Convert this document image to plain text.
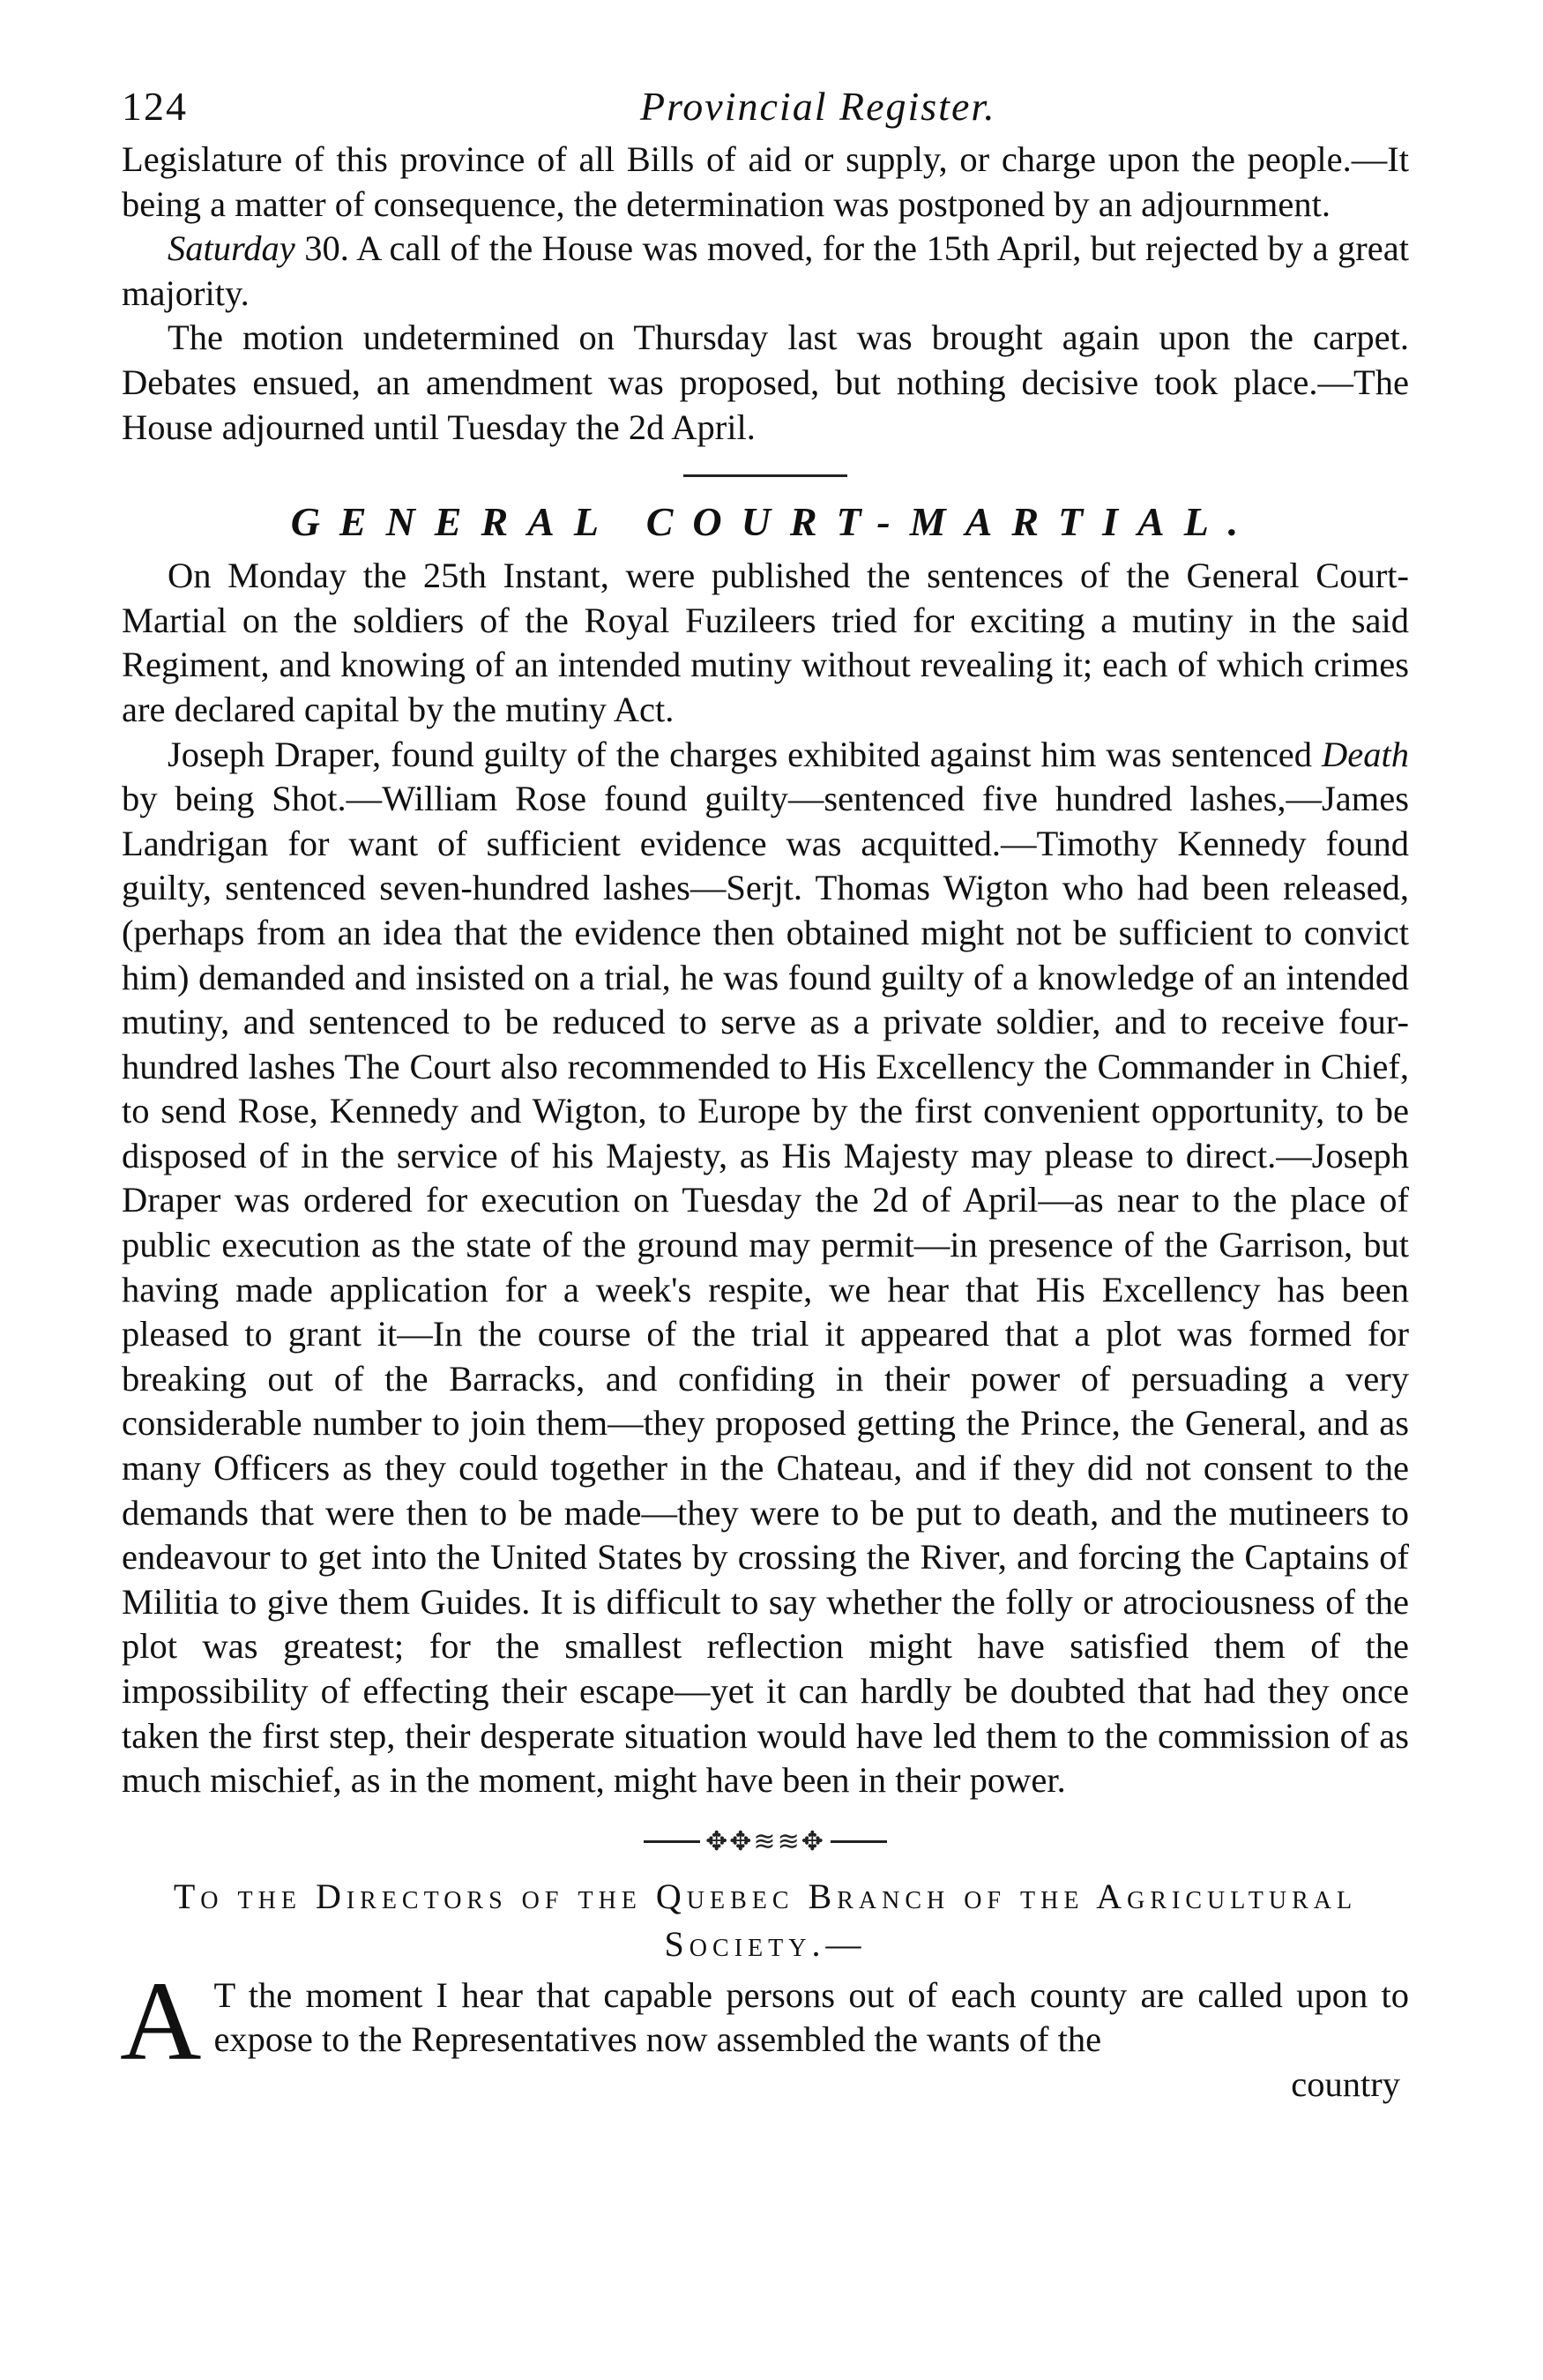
124	Provincial Register.

Legislature of this province of all Bills of aid or supply, or charge upon the people.—It being a matter of consequence, the determination was postponed by an adjournment.

Saturday 30. A call of the House was moved, for the 15th April, but rejected by a great majority.

The motion undetermined on Thursday last was brought again upon the carpet. Debates ensued, an amendment was proposed, but nothing decisive took place.—The House adjourned until Tuesday the 2d April.

GENERAL COURT-MARTIAL.

On Monday the 25th Instant, were published the sentences of the General Court-Martial on the soldiers of the Royal Fuzileers tried for exciting a mutiny in the said Regiment, and knowing of an intended mutiny without revealing it; each of which crimes are declared capital by the mutiny Act.

Joseph Draper, found guilty of the charges exhibited against him was sentenced Death by being Shot.—William Rose found guilty—sentenced five hundred lashes,—James Landrigan for want of sufficient evidence was acquitted.—Timothy Kennedy found guilty, sentenced seven-hundred lashes—Serjt. Thomas Wigton who had been released, (perhaps from an idea that the evidence then obtained might not be sufficient to convict him) demanded and insisted on a trial, he was found guilty of a knowledge of an intended mutiny, and sentenced to be reduced to serve as a private soldier, and to receive four-hundred lashes The Court also recommended to His Excellency the Commander in Chief, to send Rose, Kennedy and Wigton, to Europe by the first convenient opportunity, to be disposed of in the service of his Majesty, as His Majesty may please to direct.—Joseph Draper was ordered for execution on Tuesday the 2d of April—as near to the place of public execution as the state of the ground may permit—in presence of the Garrison, but having made application for a week's respite, we hear that His Excellency has been pleased to grant it—In the course of the trial it appeared that a plot was formed for breaking out of the Barracks, and confiding in their power of persuading a very considerable number to join them—they proposed getting the Prince, the General, and as many Officers as they could together in the Chateau, and if they did not consent to the demands that were then to be made—they were to be put to death, and the mutineers to endeavour to get into the United States by crossing the River, and forcing the Captains of Militia to give them Guides. It is difficult to say whether the folly or atrociousness of the plot was greatest; for the smallest reflection might have satisfied them of the impossibility of effecting their escape—yet it can hardly be doubted that had they once taken the first step, their desperate situation would have led them to the commission of as much mischief, as in the moment, might have been in their power.

✥✥≋≋✥
To the Directors of the Quebec Branch of the Agricultural Society.—
A T the moment I hear that capable persons out of each county are called upon to expose to the Representatives now assembled the wants of the

country
